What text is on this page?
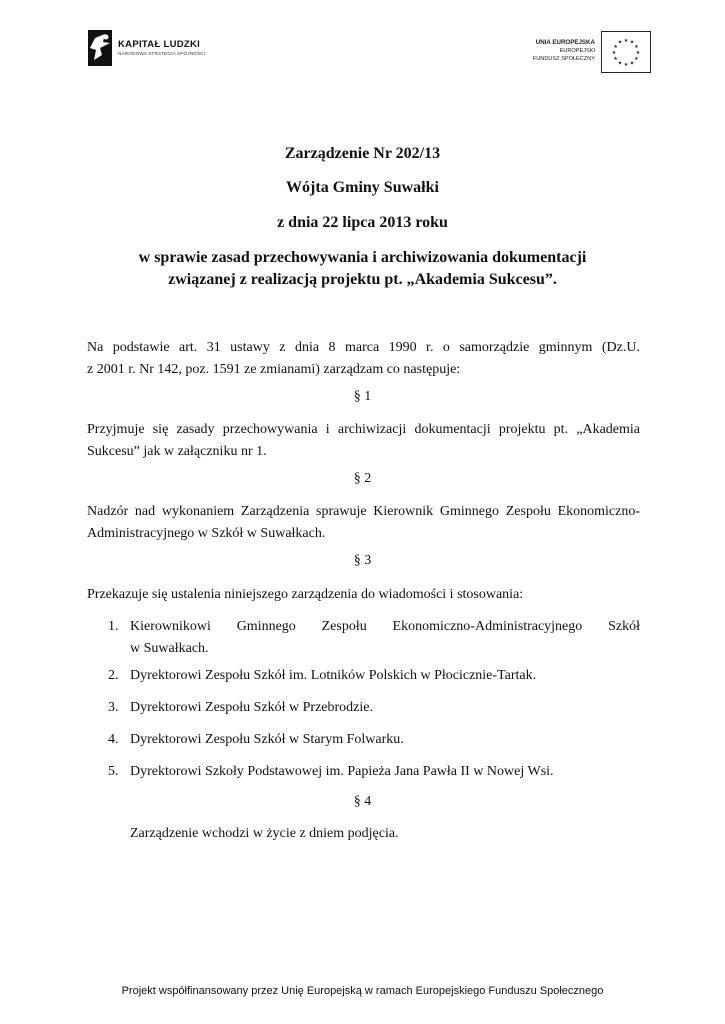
KAPITAŁ LUDZKI
NARODOWA STRATEGIA SPÓJNOŚCI
UNIA EUROPEJSKA
EUROPEJSKI
FUNDUSZ SPOŁECZNY
★ ★
★
★
★
★
★
★
★
★
★
★
Zarządzenie Nr 202/13
Wójta Gminy Suwałki
z dnia 22 lipca 2013 roku
w sprawie zasad przechowywania i archiwizowania dokumentacji
związanej z realizacją projektu pt. „Akademia Sukcesu”.
Na podstawie art. 31 ustawy z dnia 8 marca 1990 r. o samorządzie gminnym (Dz.U.
z 2001 r. Nr 142, poz. 1591 ze zmianami) zarządzam co następuje:
§ 1
Przyjmuje się zasady przechowywania i archiwizacji dokumentacji projektu pt. „Akademia
Sukcesu” jak w załączniku nr 1.
§ 2
Nadzór nad wykonaniem Zarządzenia sprawuje Kierownik Gminnego Zespołu Ekonomiczno-
Administracyjnego w Szkół w Suwałkach.
§ 3
Przekazuje się ustalenia niniejszego zarządzenia do wiadomości i stosowania:
1. Kierownikowi Gminnego Zespołu Ekonomiczno-Administracyjnego Szkół
w Suwałkach.
2. Dyrektorowi Zespołu Szkół im. Lotników Polskich w Płocicznie-Tartak.
3. Dyrektorowi Zespołu Szkół w Przebrodzie.
4. Dyrektorowi Zespołu Szkół w Starym Folwarku.
5. Dyrektorowi Szkoły Podstawowej im. Papieża Jana Pawła II w Nowej Wsi.
§ 4
Zarządzenie wchodzi w życie z dniem podjęcia.
Projekt współfinansowany przez Unię Europejską w ramach Europejskiego Funduszu Społecznego
